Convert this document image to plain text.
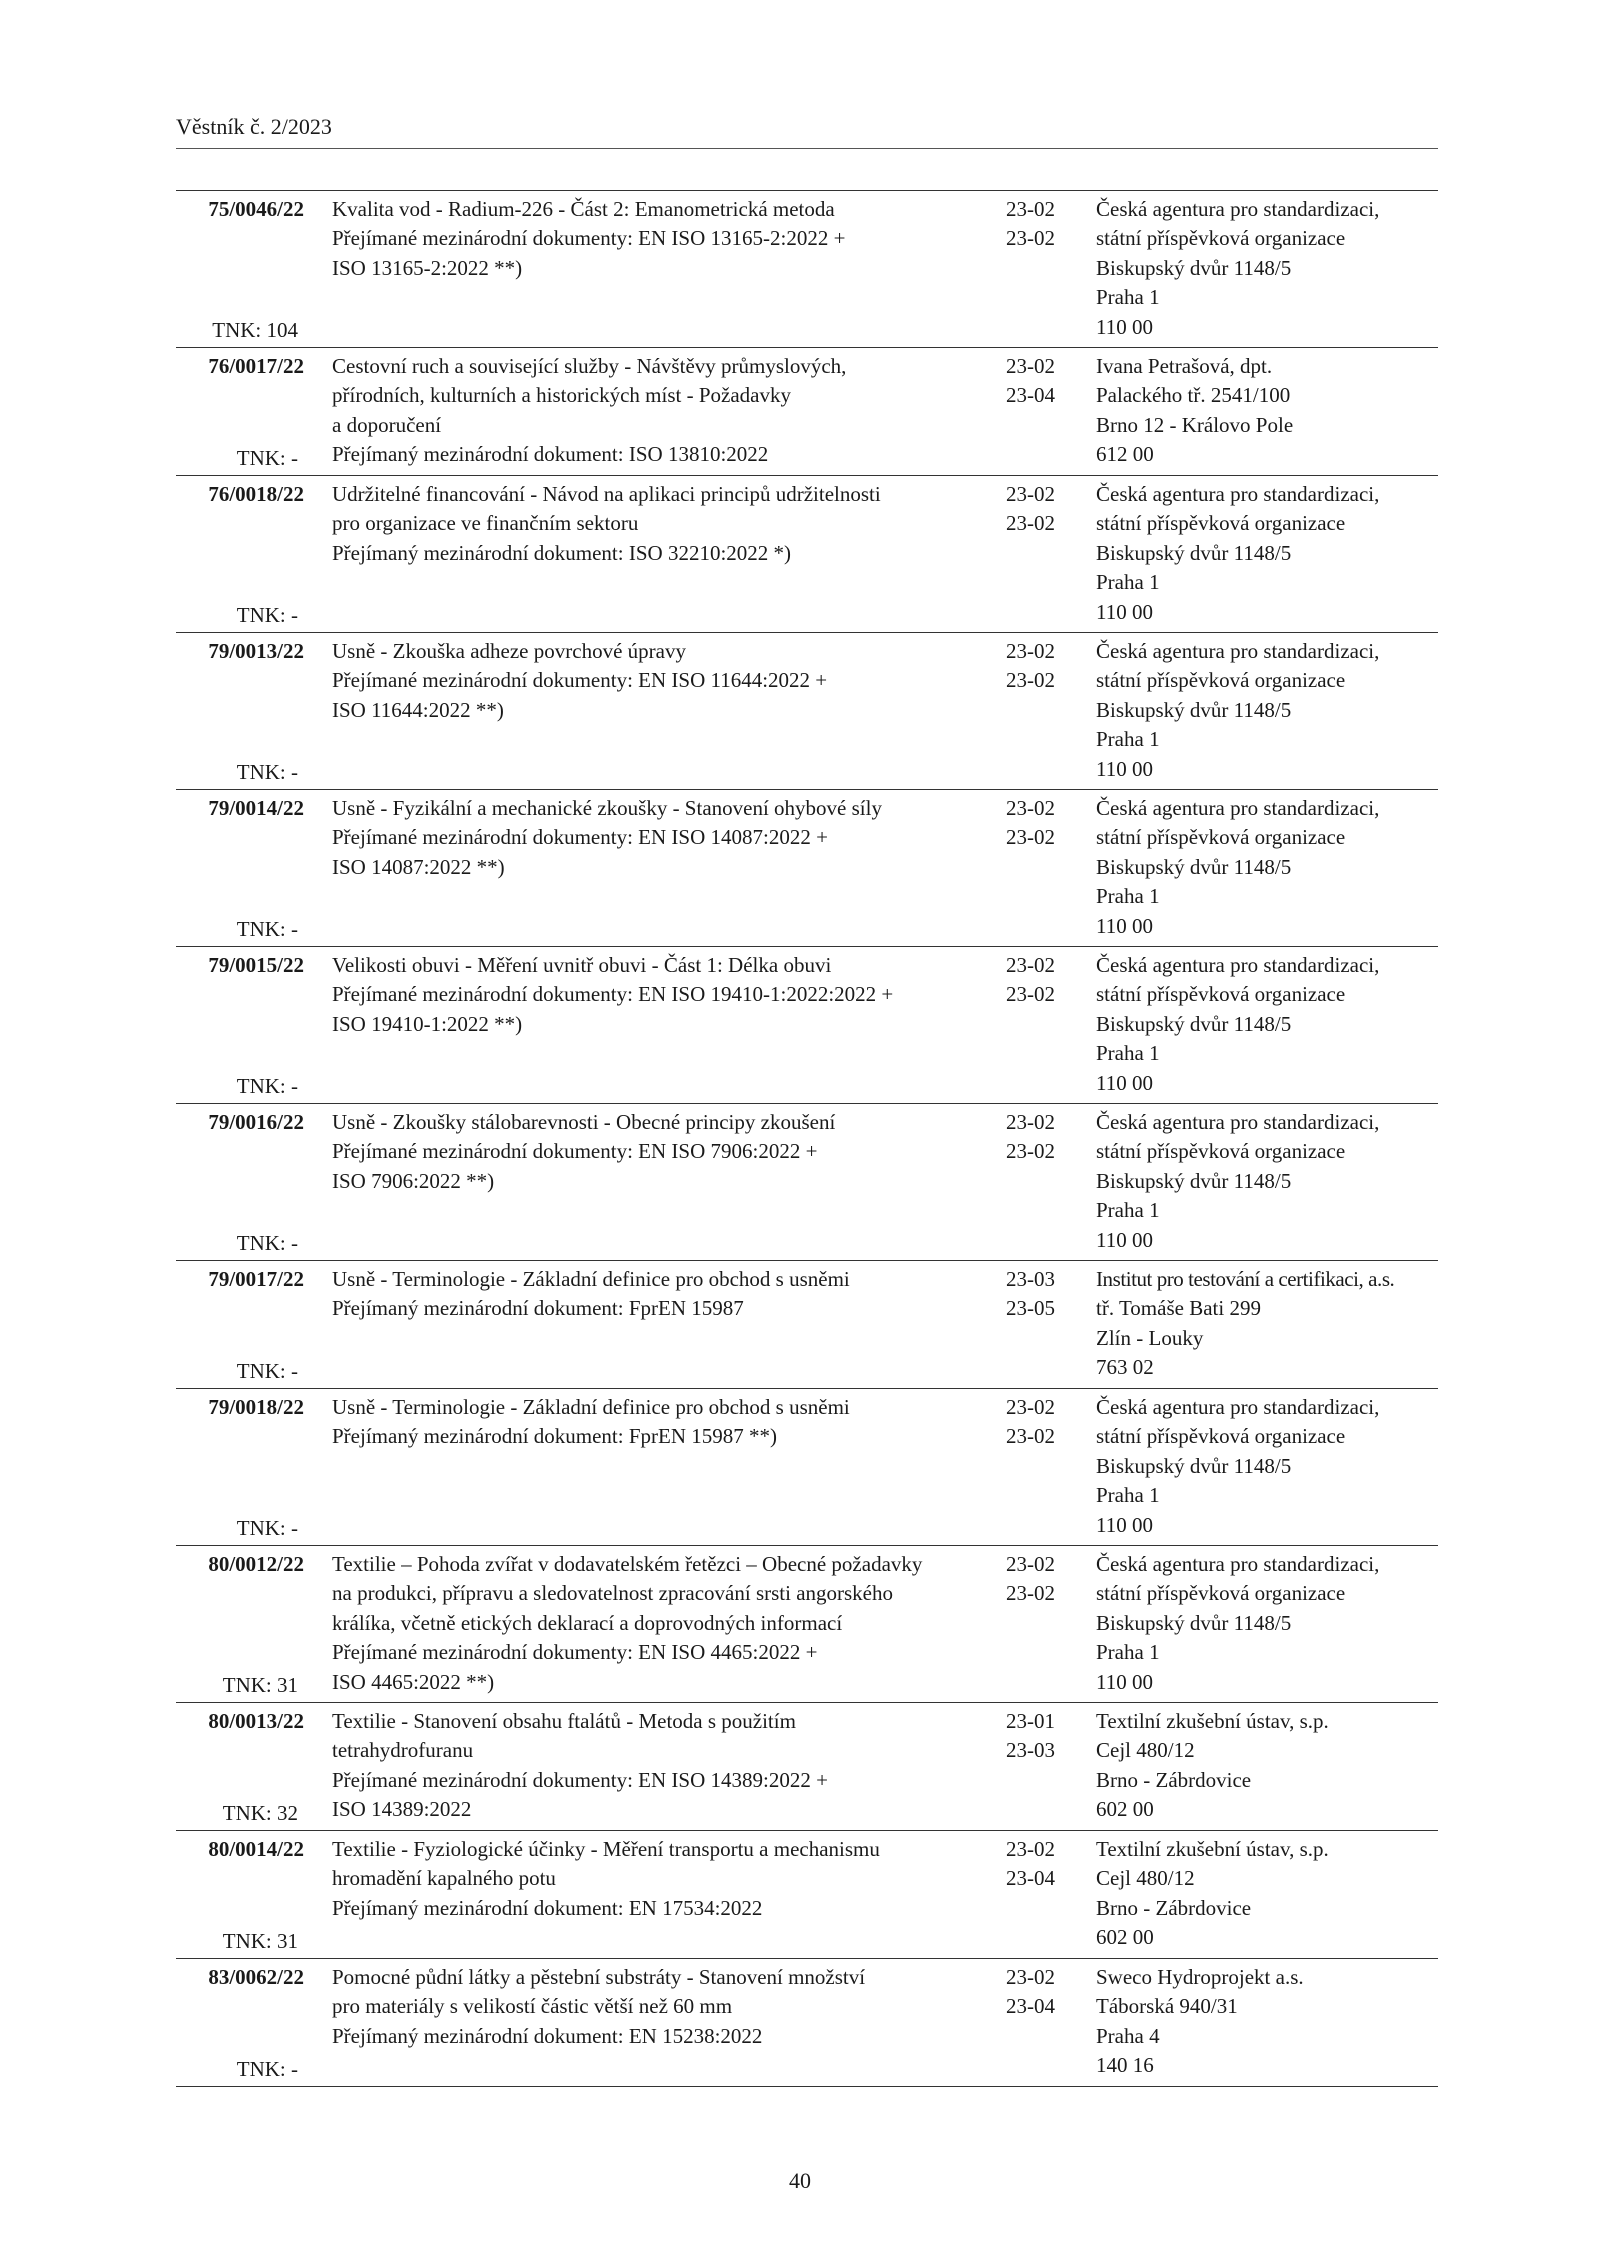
Věstník č. 2/2023
75/0046/22
TNK: 104
Kvalita vod - Radium-226 - Část 2: Emanometrická metoda
Přejímané mezinárodní dokumenty: EN ISO 13165-2:2022 +
ISO 13165-2:2022 **)
23-02
23-02
Česká agentura pro standardizaci,
státní příspěvková organizace
Biskupský dvůr 1148/5
Praha 1
110 00
76/0017/22
TNK: -
Cestovní ruch a související služby - Návštěvy průmyslových,
přírodních, kulturních a historických míst - Požadavky
a doporučení
Přejímaný mezinárodní dokument: ISO 13810:2022
23-02
23-04
Ivana Petrašová, dpt.
Palackého tř. 2541/100
Brno 12 - Královo Pole
612 00
76/0018/22
TNK: -
Udržitelné financování - Návod na aplikaci principů udržitelnosti
pro organizace ve finančním sektoru
Přejímaný mezinárodní dokument: ISO 32210:2022 *)
23-02
23-02
Česká agentura pro standardizaci,
státní příspěvková organizace
Biskupský dvůr 1148/5
Praha 1
110 00
79/0013/22
TNK: -
Usně - Zkouška adheze povrchové úpravy
Přejímané mezinárodní dokumenty: EN ISO 11644:2022 +
ISO 11644:2022 **)
23-02
23-02
Česká agentura pro standardizaci,
státní příspěvková organizace
Biskupský dvůr 1148/5
Praha 1
110 00
79/0014/22
TNK: -
Usně - Fyzikální a mechanické zkoušky - Stanovení ohybové síly
Přejímané mezinárodní dokumenty: EN ISO 14087:2022 +
ISO 14087:2022 **)
23-02
23-02
Česká agentura pro standardizaci,
státní příspěvková organizace
Biskupský dvůr 1148/5
Praha 1
110 00
79/0015/22
TNK: -
Velikosti obuvi - Měření uvnitř obuvi - Část 1: Délka obuvi
Přejímané mezinárodní dokumenty: EN ISO 19410-1:2022:2022 +
ISO 19410-1:2022 **)
23-02
23-02
Česká agentura pro standardizaci,
státní příspěvková organizace
Biskupský dvůr 1148/5
Praha 1
110 00
79/0016/22
TNK: -
Usně - Zkoušky stálobarevnosti - Obecné principy zkoušení
Přejímané mezinárodní dokumenty: EN ISO 7906:2022 +
ISO 7906:2022 **)
23-02
23-02
Česká agentura pro standardizaci,
státní příspěvková organizace
Biskupský dvůr 1148/5
Praha 1
110 00
79/0017/22
TNK: -
Usně - Terminologie - Základní definice pro obchod s usněmi
Přejímaný mezinárodní dokument: FprEN 15987
23-03
23-05
Institut pro testování a certifikaci, a.s.
tř. Tomáše Bati 299
Zlín - Louky
763 02
79/0018/22
TNK: -
Usně - Terminologie - Základní definice pro obchod s usněmi
Přejímaný mezinárodní dokument: FprEN 15987 **)
23-02
23-02
Česká agentura pro standardizaci,
státní příspěvková organizace
Biskupský dvůr 1148/5
Praha 1
110 00
80/0012/22
TNK: 31
Textilie – Pohoda zvířat v dodavatelském řetězci – Obecné požadavky
na produkci, přípravu a sledovatelnost zpracování srsti angorského
králíka, včetně etických deklarací a doprovodných informací
Přejímané mezinárodní dokumenty: EN ISO 4465:2022 +
ISO 4465:2022 **)
23-02
23-02
Česká agentura pro standardizaci,
státní příspěvková organizace
Biskupský dvůr 1148/5
Praha 1
110 00
80/0013/22
TNK: 32
Textilie - Stanovení obsahu ftalátů - Metoda s použitím
tetrahydrofuranu
Přejímané mezinárodní dokumenty: EN ISO 14389:2022 +
ISO 14389:2022
23-01
23-03
Textilní zkušební ústav, s.p.
Cejl 480/12
Brno - Zábrdovice
602 00
80/0014/22
TNK: 31
Textilie - Fyziologické účinky - Měření transportu a mechanismu
hromadění kapalného potu
Přejímaný mezinárodní dokument: EN 17534:2022
23-02
23-04
Textilní zkušební ústav, s.p.
Cejl 480/12
Brno - Zábrdovice
602 00
83/0062/22
TNK: -
Pomocné půdní látky a pěstební substráty - Stanovení množství
pro materiály s velikostí částic větší než 60 mm
Přejímaný mezinárodní dokument: EN 15238:2022
23-02
23-04
Sweco Hydroprojekt a.s.
Táborská 940/31
Praha 4
140 16
40
